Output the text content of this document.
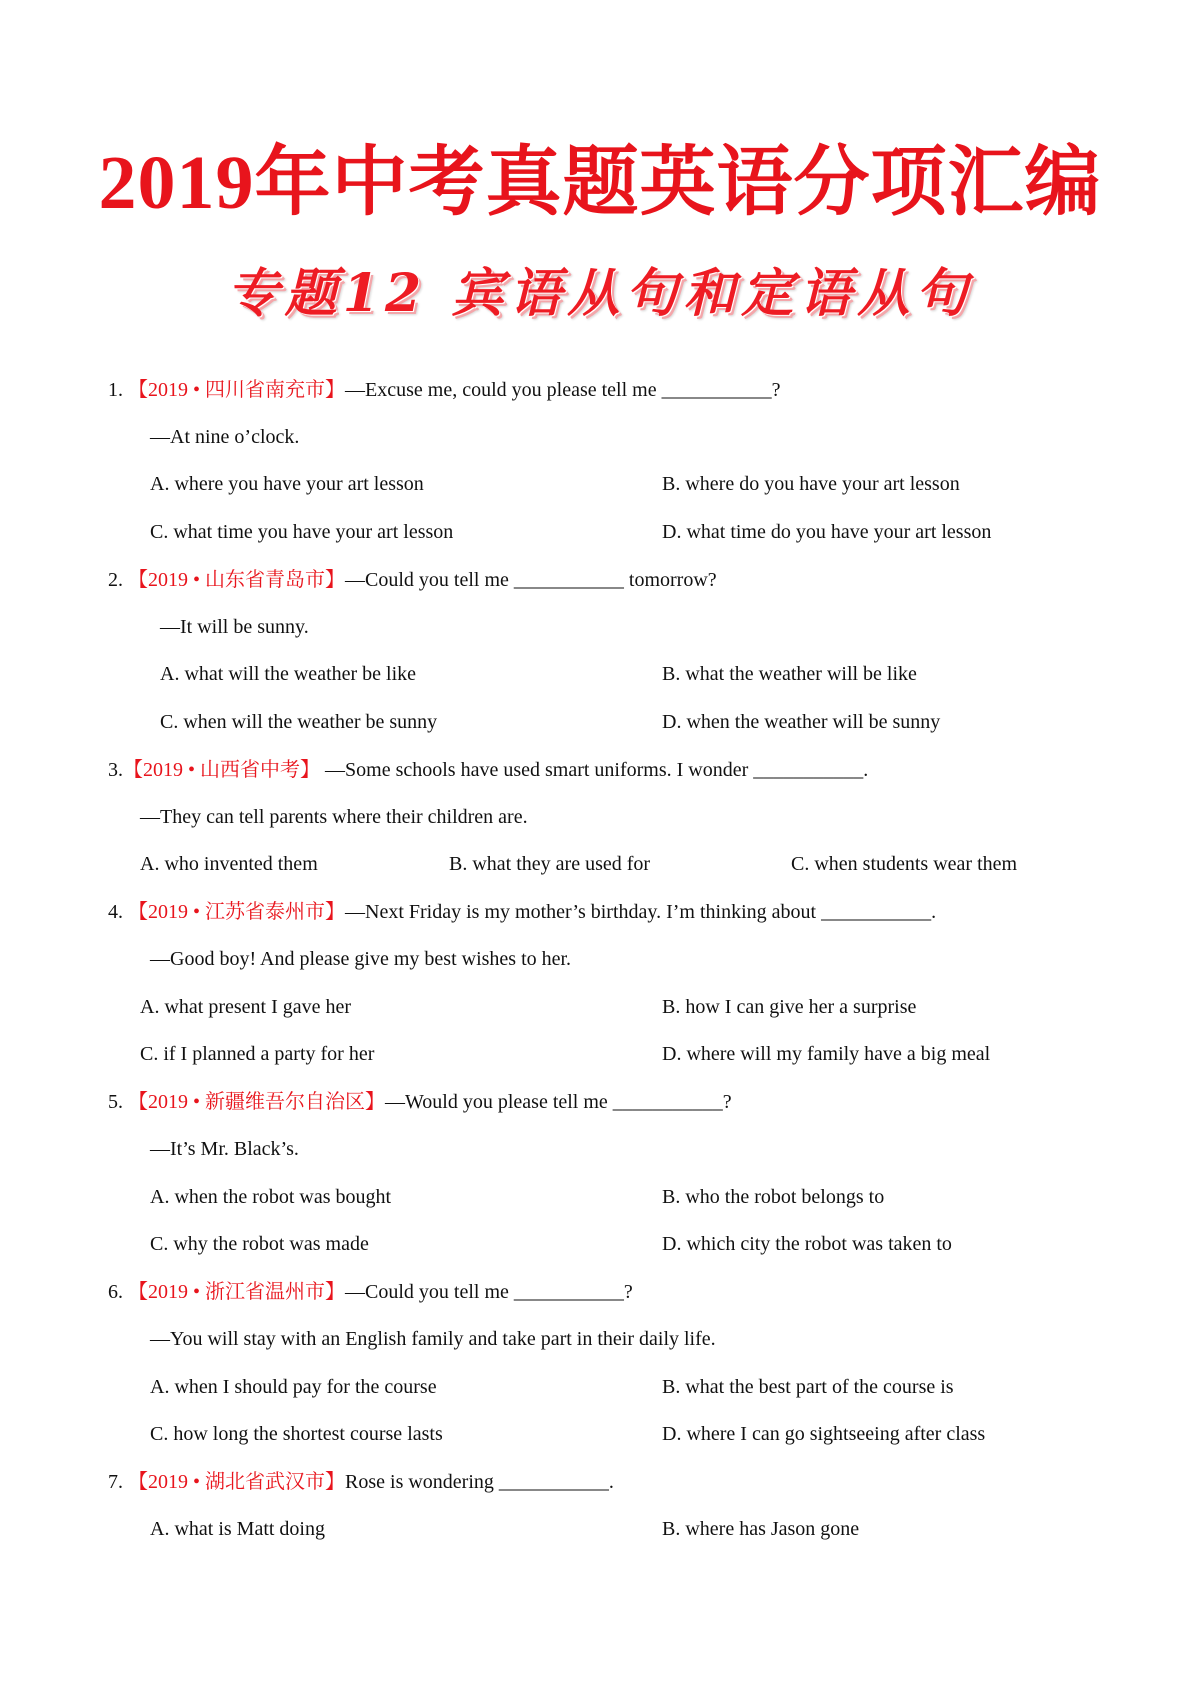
2019年中考真题英语分项汇编
专题12 宾语从句和定语从句
1. 【2019 • 四川省南充市】—Excuse me, could you please tell me ___________?
—At nine o’clock.
A. where you have your art lesson	B. where do you have your art lesson
C. what time you have your art lesson	D. what time do you have your art lesson
2. 【2019 • 山东省青岛市】—Could you tell me ___________ tomorrow?
—It will be sunny.
A. what will the weather be like	B. what the weather will be like
C. when will the weather be sunny	D. when the weather will be sunny
3.【2019 • 山西省中考】 —Some schools have used smart uniforms. I wonder ___________.
—They can tell parents where their children are.
A. who invented them	B. what they are used for	C. when students wear them
4. 【2019 • 江苏省泰州市】—Next Friday is my mother’s birthday. I’m thinking about ___________.
—Good boy! And please give my best wishes to her.
A. what present I gave her	B. how I can give her a surprise
C. if I planned a party for her	D. where will my family have a big meal
5. 【2019 • 新疆维吾尔自治区】—Would you please tell me ___________?
—It’s Mr. Black’s.
A. when the robot was bought	B. who the robot belongs to
C. why the robot was made	D. which city the robot was taken to
6. 【2019 • 浙江省温州市】—Could you tell me ___________?
—You will stay with an English family and take part in their daily life.
A. when I should pay for the course	B. what the best part of the course is
C. how long the shortest course lasts	D. where I can go sightseeing after class
7. 【2019 • 湖北省武汉市】Rose is wondering ___________.
A. what is Matt doing	B. where has Jason gone
